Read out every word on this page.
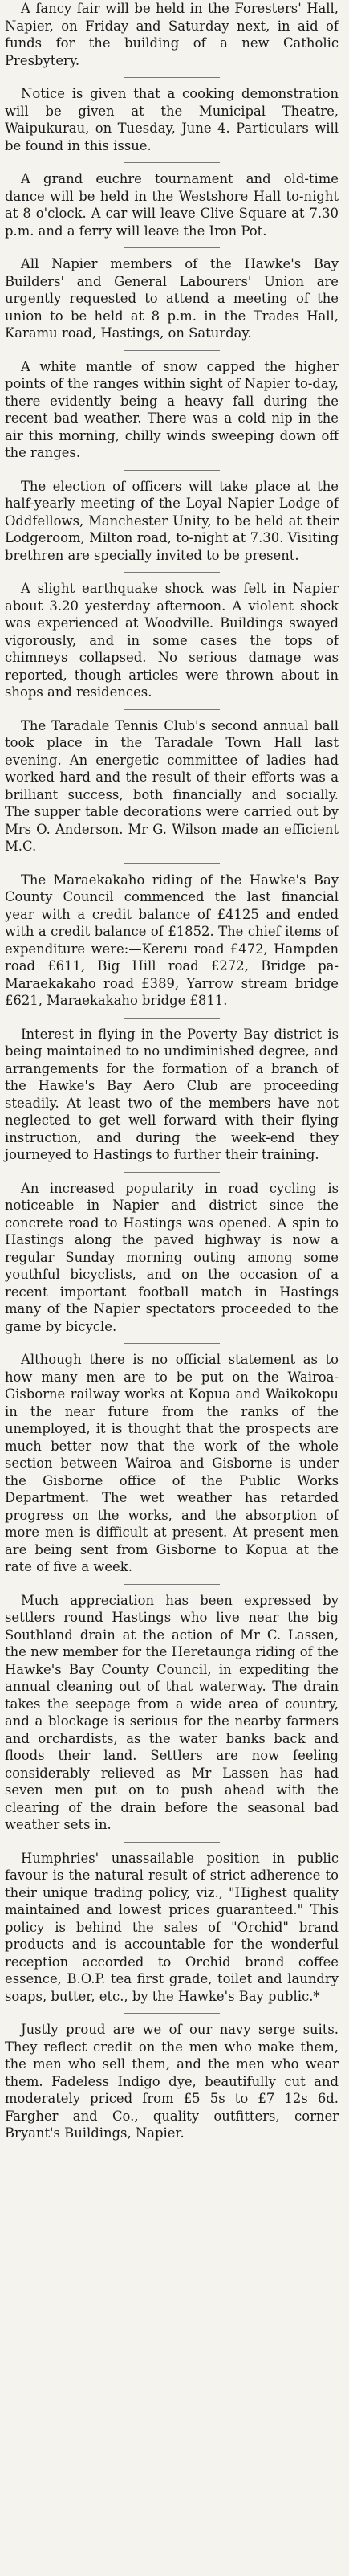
A fancy fair will be held in the Foresters' Hall, Napier, on Friday and Saturday next, in aid of funds for the building of a new Catholic Presbytery.

Notice is given that a cooking demonstration will be given at the Municipal Theatre, Waipukurau, on Tuesday, June 4. Particulars will be found in this issue.

A grand euchre tournament and old-time dance will be held in the Westshore Hall to-night at 8 o'clock. A car will leave Clive Square at 7.30 p.m. and a ferry will leave the Iron Pot.

All Napier members of the Hawke's Bay Builders' and General Labourers' Union are urgently requested to attend a meeting of the union to be held at 8 p.m. in the Trades Hall, Karamu road, Hastings, on Saturday.

A white mantle of snow capped the higher points of the ranges within sight of Napier to-day, there evidently being a heavy fall during the recent bad weather. There was a cold nip in the air this morning, chilly winds sweeping down off the ranges.

The election of officers will take place at the half-yearly meeting of the Loyal Napier Lodge of Oddfellows, Manchester Unity, to be held at their Lodgeroom, Milton road, to-night at 7.30. Visiting brethren are specially invited to be present.

A slight earthquake shock was felt in Napier about 3.20 yesterday afternoon. A violent shock was experienced at Woodville. Buildings swayed vigorously, and in some cases the tops of chimneys collapsed. No serious damage was reported, though articles were thrown about in shops and residences.

The Taradale Tennis Club's second annual ball took place in the Taradale Town Hall last evening. An energetic committee of ladies had worked hard and the result of their efforts was a brilliant success, both financially and socially. The supper table decorations were carried out by Mrs O. Anderson. Mr G. Wilson made an efficient M.C.

The Maraekakaho riding of the Hawke's Bay County Council commenced the last financial year with a credit balance of £4125 and ended with a credit balance of £1852. The chief items of expenditure were:—Kereru road £472, Hampden road £611, Big Hill road £272, Bridge pa-Maraekakaho road £389, Yarrow stream bridge £621, Maraekakaho bridge £811.

Interest in flying in the Poverty Bay district is being maintained to no undiminished degree, and arrangements for the formation of a branch of the Hawke's Bay Aero Club are proceeding steadily. At least two of the members have not neglected to get well forward with their flying instruction, and during the week-end they journeyed to Hastings to further their training.

An increased popularity in road cycling is noticeable in Napier and district since the concrete road to Hastings was opened. A spin to Hastings along the paved highway is now a regular Sunday morning outing among some youthful bicyclists, and on the occasion of a recent important football match in Hastings many of the Napier spectators proceeded to the game by bicycle.

Although there is no official statement as to how many men are to be put on the Wairoa-Gisborne railway works at Kopua and Waikokopu in the near future from the ranks of the unemployed, it is thought that the prospects are much better now that the work of the whole section between Wairoa and Gisborne is under the Gisborne office of the Public Works Department. The wet weather has retarded progress on the works, and the absorption of more men is difficult at present. At present men are being sent from Gisborne to Kopua at the rate of five a week.

Much appreciation has been expressed by settlers round Hastings who live near the big Southland drain at the action of Mr C. Lassen, the new member for the Heretaunga riding of the Hawke's Bay County Council, in expediting the annual cleaning out of that waterway. The drain takes the seepage from a wide area of country, and a blockage is serious for the nearby farmers and orchardists, as the water banks back and floods their land. Settlers are now feeling considerably relieved as Mr Lassen has had seven men put on to push ahead with the clearing of the drain before the seasonal bad weather sets in.

Humphries' unassailable position in public favour is the natural result of strict adherence to their unique trading policy, viz., "Highest quality maintained and lowest prices guaranteed." This policy is behind the sales of "Orchid" brand products and is accountable for the wonderful reception accorded to Orchid brand coffee essence, B.O.P. tea first grade, toilet and laundry soaps, butter, etc., by the Hawke's Bay public.*

Justly proud are we of our navy serge suits. They reflect credit on the men who make them, the men who sell them, and the men who wear them. Fadeless Indigo dye, beautifully cut and moderately priced from £5 5s to £7 12s 6d. Fargher and Co., quality outfitters, corner Bryant's Buildings, Napier.
